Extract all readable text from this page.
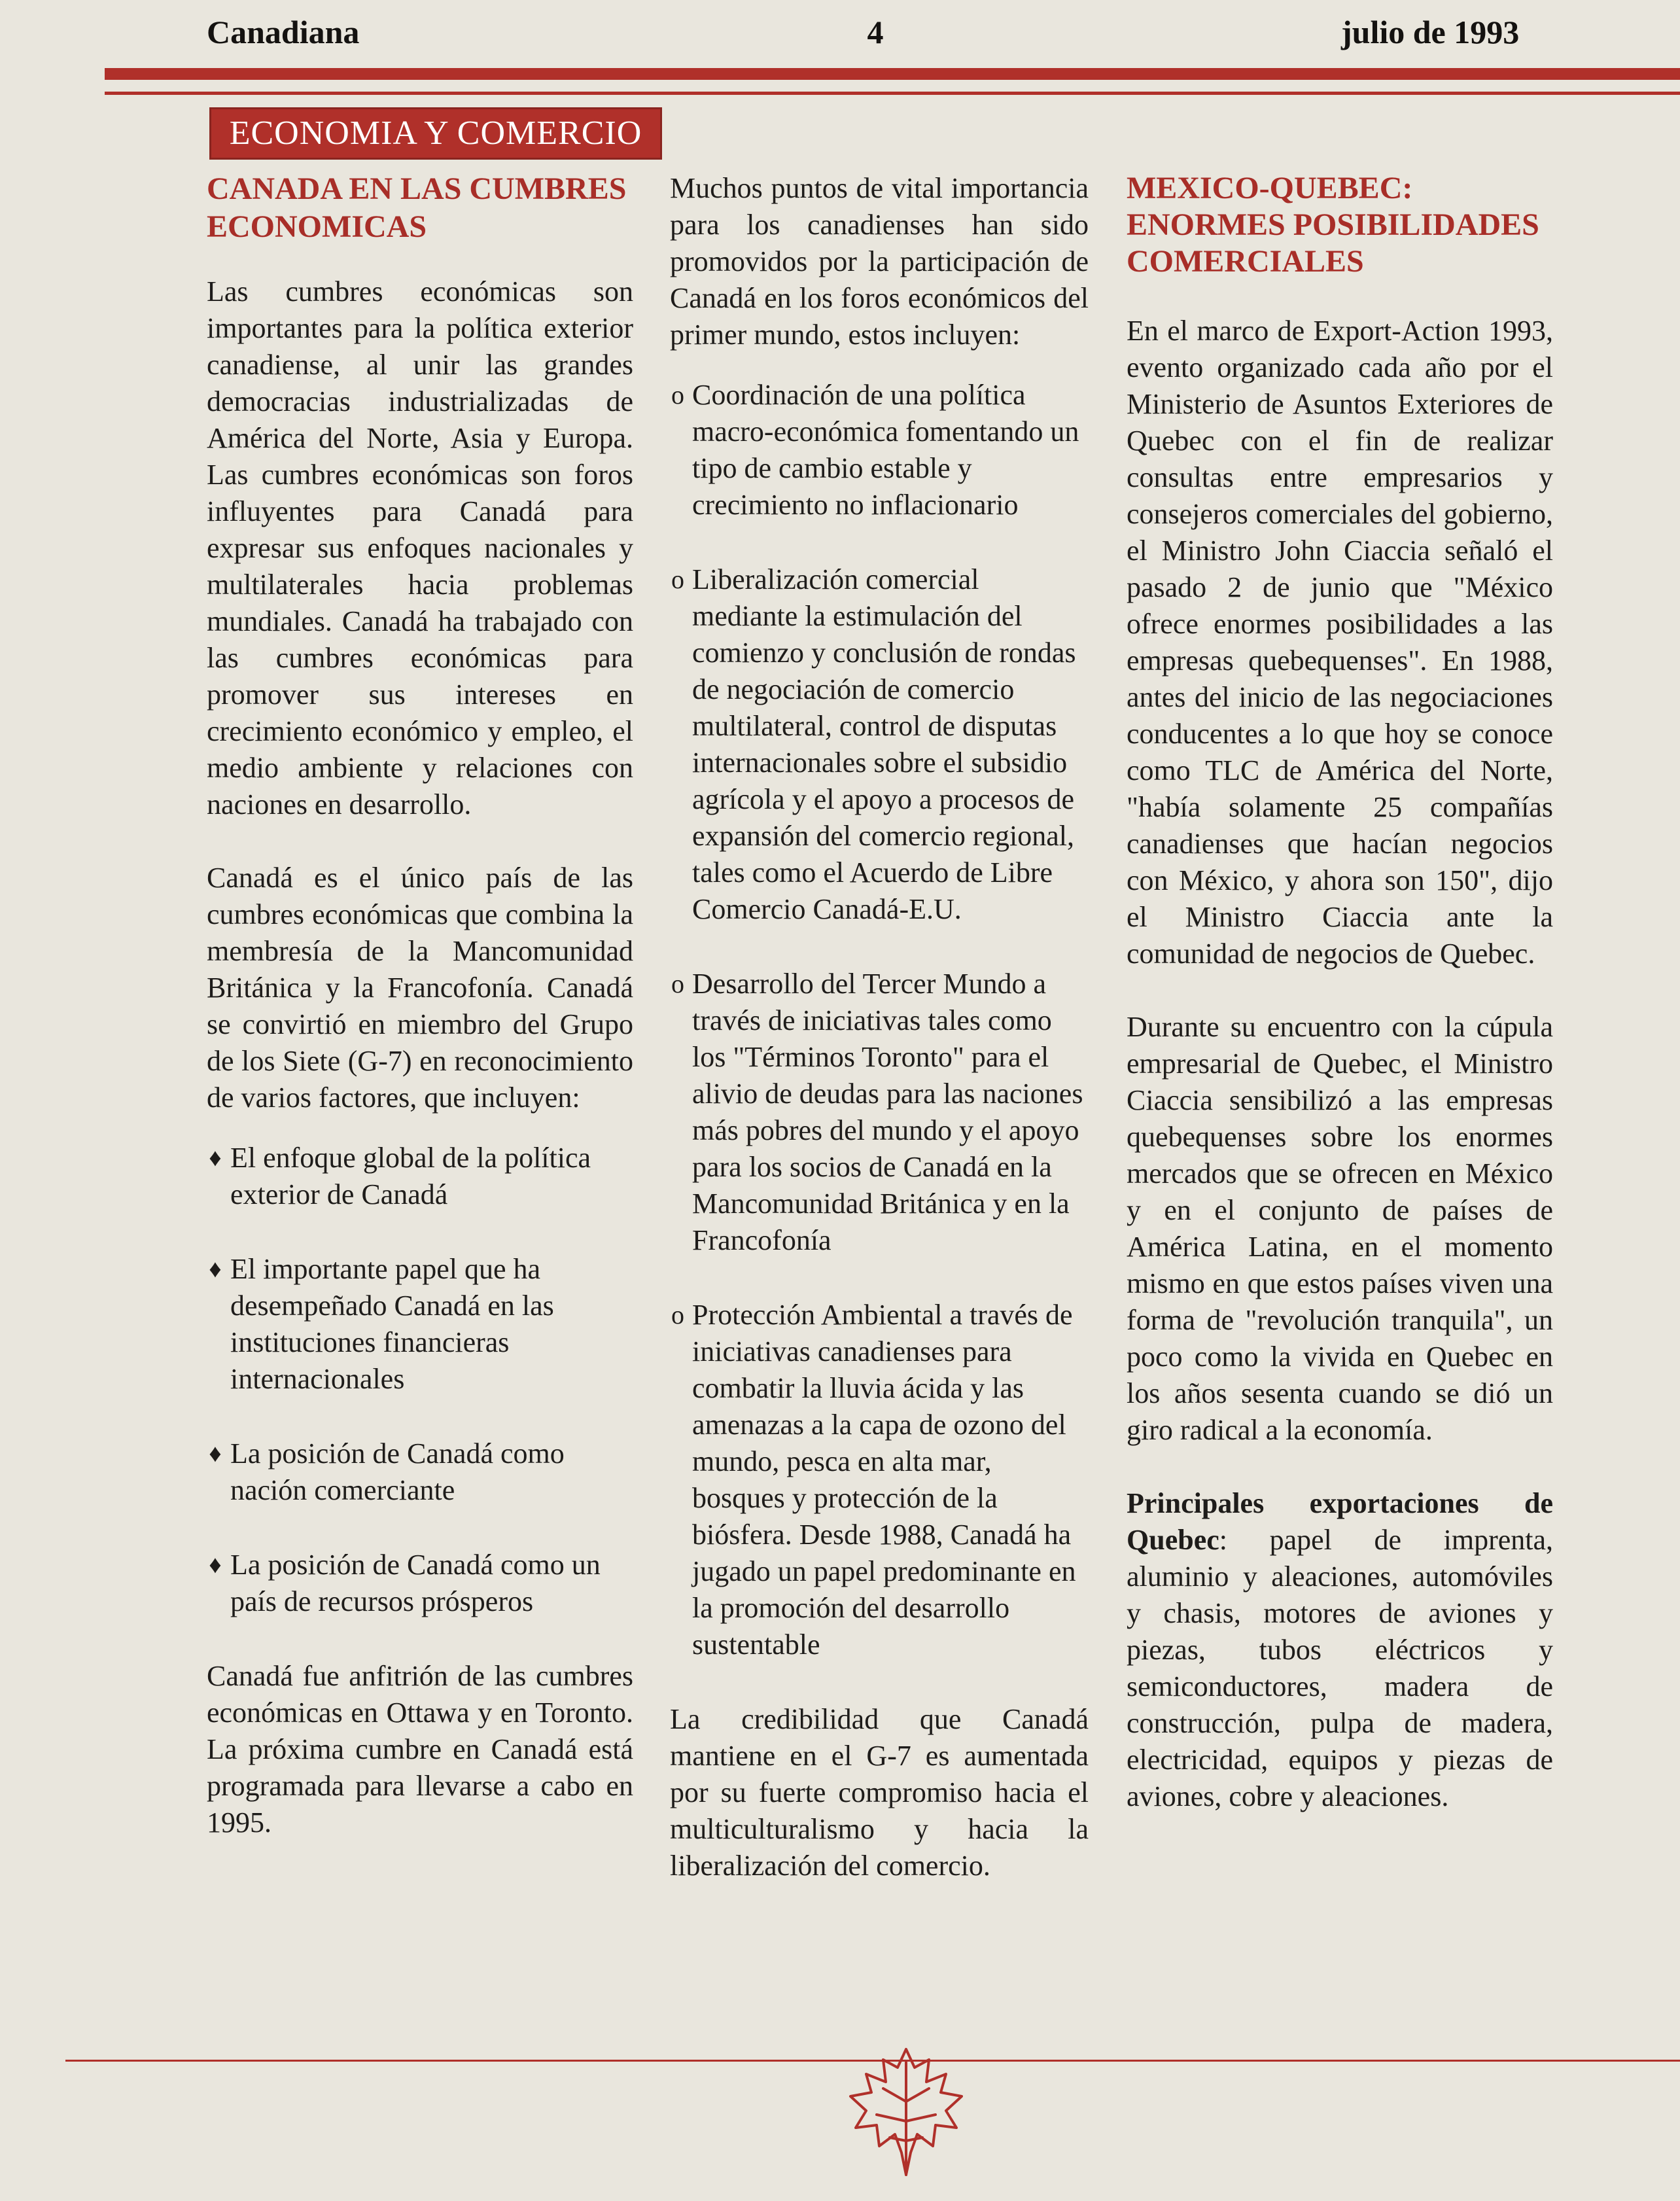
Canadiana	4	julio de 1993
ECONOMIA Y COMERCIO
CANADA EN LAS CUMBRES ECONOMICAS

Las cumbres económicas son importantes para la política exterior canadiense, al unir las grandes democracias industrializadas de América del Norte, Asia y Europa. Las cumbres económicas son foros influyentes para Canadá para expresar sus enfoques nacionales y multilaterales hacia problemas mundiales. Canadá ha trabajado con las cumbres económicas para promover sus intereses en crecimiento económico y empleo, el medio ambiente y relaciones con naciones en desarrollo.

Canadá es el único país de las cumbres económicas que combina la membresía de la Mancomunidad Británica y la Francofonía. Canadá se convirtió en miembro del Grupo de los Siete (G-7) en reconocimiento de varios factores, que incluyen:

♦ El enfoque global de la política exterior de Canadá
♦ El importante papel que ha desempeñado Canadá en las instituciones financieras internacionales
♦ La posición de Canadá como nación comerciante
♦ La posición de Canadá como un país de recursos prósperos

Canadá fue anfitrión de las cumbres económicas en Ottawa y en Toronto. La próxima cumbre en Canadá está programada para llevarse a cabo en 1995.

Muchos puntos de vital importancia para los canadienses han sido promovidos por la participación de Canadá en los foros económicos del primer mundo, estos incluyen:

o Coordinación de una política macro-económica fomentando un tipo de cambio estable y crecimiento no inflacionario
o Liberalización comercial mediante la estimulación del comienzo y conclusión de rondas de negociación de comercio multilateral, control de disputas internacionales sobre el subsidio agrícola y el apoyo a procesos de expansión del comercio regional, tales como el Acuerdo de Libre Comercio Canadá-E.U.
o Desarrollo del Tercer Mundo a través de iniciativas tales como los "Términos Toronto" para el alivio de deudas para las naciones más pobres del mundo y el apoyo para los socios de Canadá en la Mancomunidad Británica y en la Francofonía
o Protección Ambiental a través de iniciativas canadienses para combatir la lluvia ácida y las amenazas a la capa de ozono del mundo, pesca en alta mar, bosques y protección de la biósfera. Desde 1988, Canadá ha jugado un papel predominante en la promoción del desarrollo sustentable

La credibilidad que Canadá mantiene en el G-7 es aumentada por su fuerte compromiso hacia el multiculturalismo y hacia la liberalización del comercio.

MEXICO-QUEBEC: ENORMES POSIBILIDADES COMERCIALES

En el marco de Export-Action 1993, evento organizado cada año por el Ministerio de Asuntos Exteriores de Quebec con el fin de realizar consultas entre empresarios y consejeros comerciales del gobierno, el Ministro John Ciaccia señaló el pasado 2 de junio que "México ofrece enormes posibilidades a las empresas quebequenses". En 1988, antes del inicio de las negociaciones conducentes a lo que hoy se conoce como TLC de América del Norte, "había solamente 25 compañías canadienses que hacían negocios con México, y ahora son 150", dijo el Ministro Ciaccia ante la comunidad de negocios de Quebec.

Durante su encuentro con la cúpula empresarial de Quebec, el Ministro Ciaccia sensibilizó a las empresas quebequenses sobre los enormes mercados que se ofrecen en México y en el conjunto de países de América Latina, en el momento mismo en que estos países viven una forma de "revolución tranquila", un poco como la vivida en Quebec en los años sesenta cuando se dió un giro radical a la economía.

Principales exportaciones de Quebec: papel de imprenta, aluminio y aleaciones, automóviles y chasis, motores de aviones y piezas, tubos eléctricos y semiconductores, madera de construcción, pulpa de madera, electricidad, equipos y piezas de aviones, cobre y aleaciones.
